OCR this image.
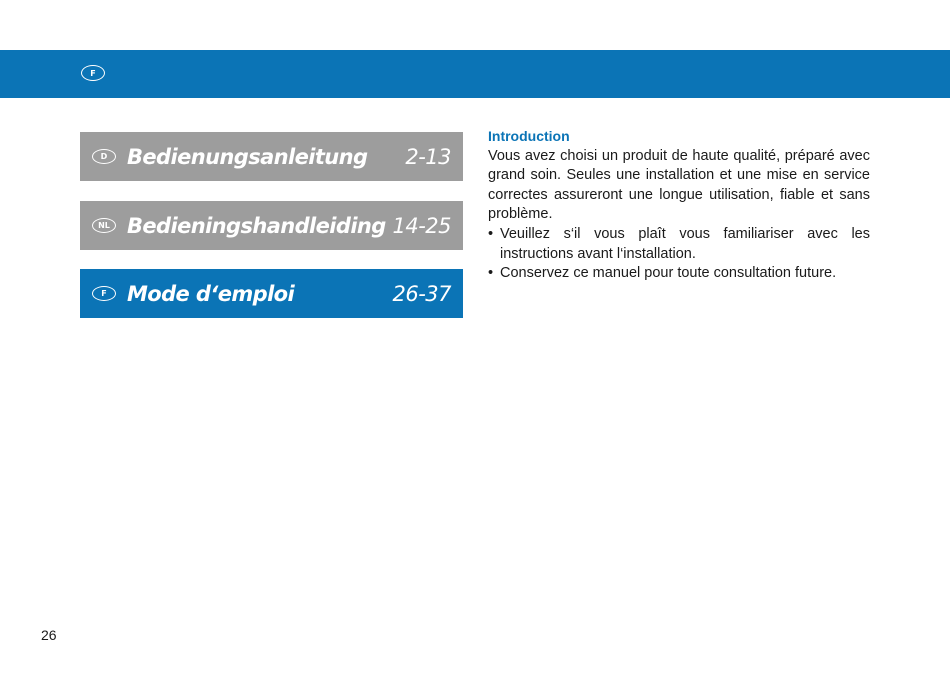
F
D Bedienungsanleitung	2-13
NL Bedieningshandleiding 14-25
F Mode d‘emploi	26-37
Introduction
Vous avez choisi un produit de haute qualité, préparé avec grand soin. Seules une installation et une mise en service correctes assureront une longue utilisation, fiable et sans problème.
• Veuillez s‘il vous plaît vous familiariser avec les instructions avant l‘installation.
• Conservez ce manuel pour toute consultation future.
26
